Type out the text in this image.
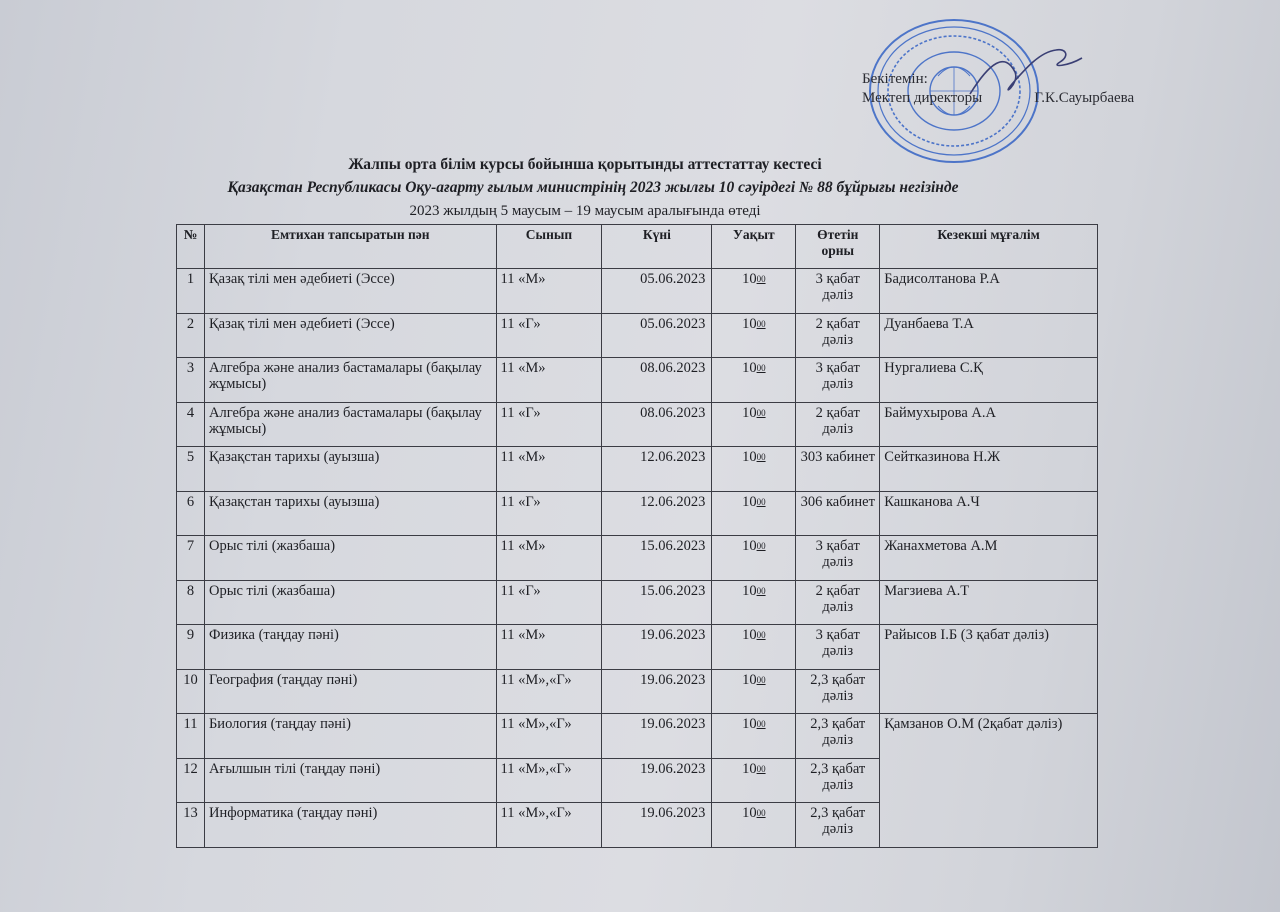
Бекітемін:
Мектеп директоры	Г.К.Сауырбаева
Жалпы орта білім курсы бойынша қорытынды аттестаттау кестесі
Қазақстан Республикасы Оқу-ағарту ғылым министрінің 2023 жылғы 10 сәуірдегі № 88 бұйрығы негізінде
2023 жылдың 5 маусым – 19 маусым аралығында өтеді
№	Емтихан тапсыратын пән	Сынып	Күні	Уақыт	Өтетін орны	Кезекші мұғалім
1	Қазақ тілі мен әдебиеті (Эссе)	11 «М»	05.06.2023	$10^{00}$	3 қабат дәліз	Бадисолтанова Р.А
2	Қазақ тілі мен әдебиеті (Эссе)	11 «Г»	05.06.2023	$10^{00}$	2 қабат дәліз	Дуанбаева Т.А
3	Алгебра және анализ бастамалары (бақылау жұмысы)	11 «М»	08.06.2023	$10^{00}$	3 қабат дәліз	Нургалиева С.Қ
4	Алгебра және анализ бастамалары (бақылау жұмысы)	11 «Г»	08.06.2023	$10^{00}$	2 қабат дәліз	Баймухырова А.А
5	Қазақстан тарихы (ауызша)	11 «М»	12.06.2023	$10^{00}$	303 кабинет	Сейтказинова Н.Ж
6	Қазақстан тарихы (ауызша)	11 «Г»	12.06.2023	$10^{00}$	306 кабинет	Кашканова А.Ч
7	Орыс тілі (жазбаша)	11 «М»	15.06.2023	$10^{00}$	3 қабат дәліз	Жанахметова А.М
8	Орыс тілі (жазбаша)	11 «Г»	15.06.2023	$10^{00}$	2 қабат дәліз	Магзиева А.Т
9	Физика (таңдау пәні)	11 «М»	19.06.2023	$10^{00}$	3 қабат дәліз	Райысов І.Б (3 қабат дәліз)
10	География (таңдау пәні)	11 «М»,«Г»	19.06.2023	$10^{00}$	2,3 қабат дәліз	
11	Биология (таңдау пәні)	11 «М»,«Г»	19.06.2023	$10^{00}$	2,3 қабат дәліз	Қамзанов О.М (2қабат дәліз)
12	Ағылшын тілі (таңдау пәні)	11 «М»,«Г»	19.06.2023	$10^{00}$	2,3 қабат дәліз	
13	Информатика (таңдау пәні)	11 «М»,«Г»	19.06.2023	$10^{00}$	2,3 қабат дәліз	
